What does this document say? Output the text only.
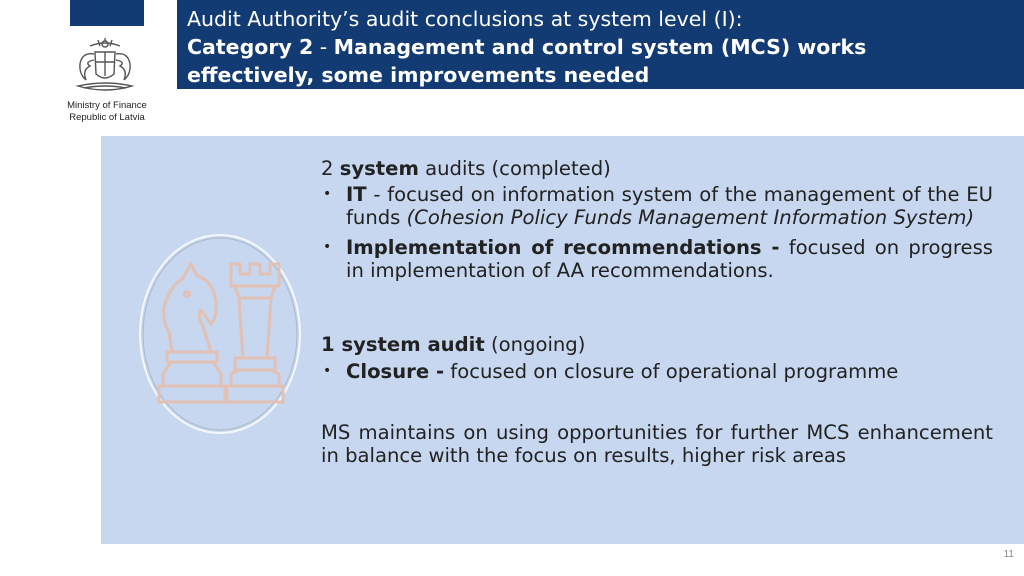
Ministry of Finance
Republic of Latvia
Audit Authority’s audit conclusions at system level (I):
Category 2 - Management and control system (MCS) works
effectively, some improvements needed

2 system audits (completed)

• IT - focused on information system of the management of the EU funds (Cohesion Policy Funds Management Information System)
• Implementation of recommendations - focused on progress in implementation of AA recommendations.

1 system audit (ongoing)

• Closure - focused on closure of operational programme

MS maintains on using opportunities for further MCS enhancement in balance with the focus on results, higher risk areas

11
